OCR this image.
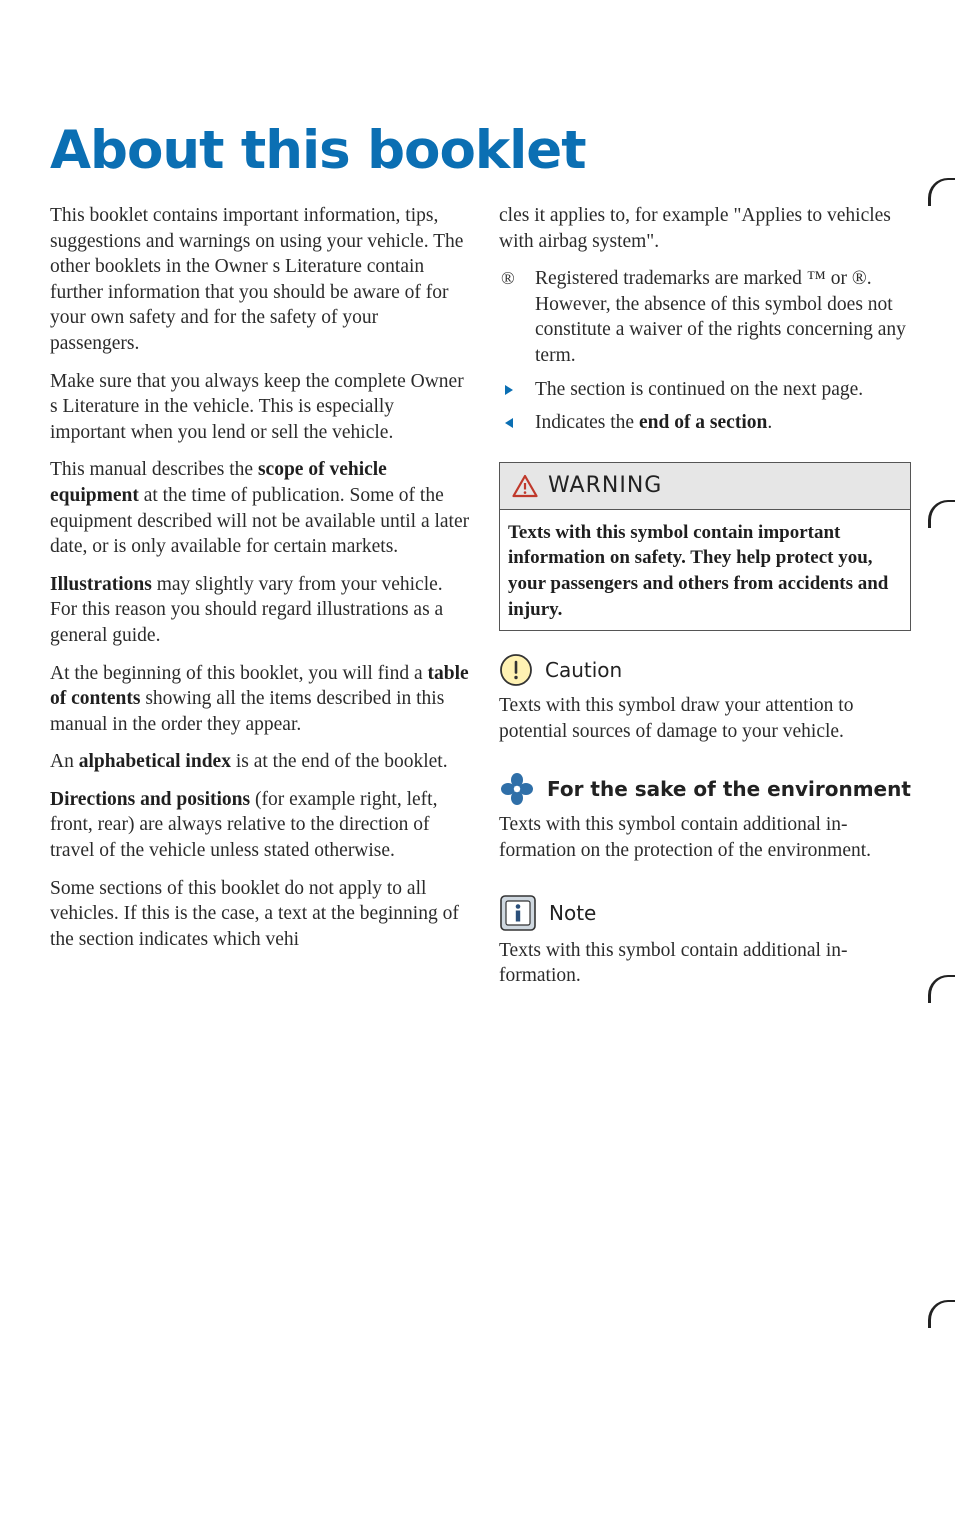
About this booklet

This booklet contains important information, tips, suggestions and warnings on using your vehicle. The other booklets in the Owner s Literature contain further information that you should be aware of for your own safety and for the safety of your passengers.

Make sure that you always keep the complete Owner s Literature in the vehicle. This is especially important when you lend or sell the vehicle.

This manual describes the scope of vehicle equipment at the time of publication. Some of the equipment described will not be available until a later date, or is only available for certain markets.

Illustrations may slightly vary from your vehicle. For this reason you should regard illustrations as a general guide.

At the beginning of this booklet, you will find a table of contents showing all the items described in this manual in the order they appear.

An alphabetical index is at the end of the booklet.

Directions and positions (for example right, left, front, rear) are always relative to the direction of travel of the vehicle unless stated otherwise.

Some sections of this booklet do not apply to all vehicles. If this is the case, a text at the beginning of the section indicates which vehi

cles it applies to, for example "Applies to vehicles with airbag system".

®	Registered trademarks are marked ™ or ®. However, the absence of this symbol does not constitute a waiver of the rights concerning any term.
The section is continued on the next page.
Indicates the end of a section.
WARNING
Texts with this symbol contain important information on safety. They help protect you, your passengers and others from accidents and injury.
Caution

Texts with this symbol draw your attention to potential sources of damage to your vehicle.

For the sake of the environment

Texts with this symbol contain additional information on the protection of the environment.

Note

Texts with this symbol contain additional information.
